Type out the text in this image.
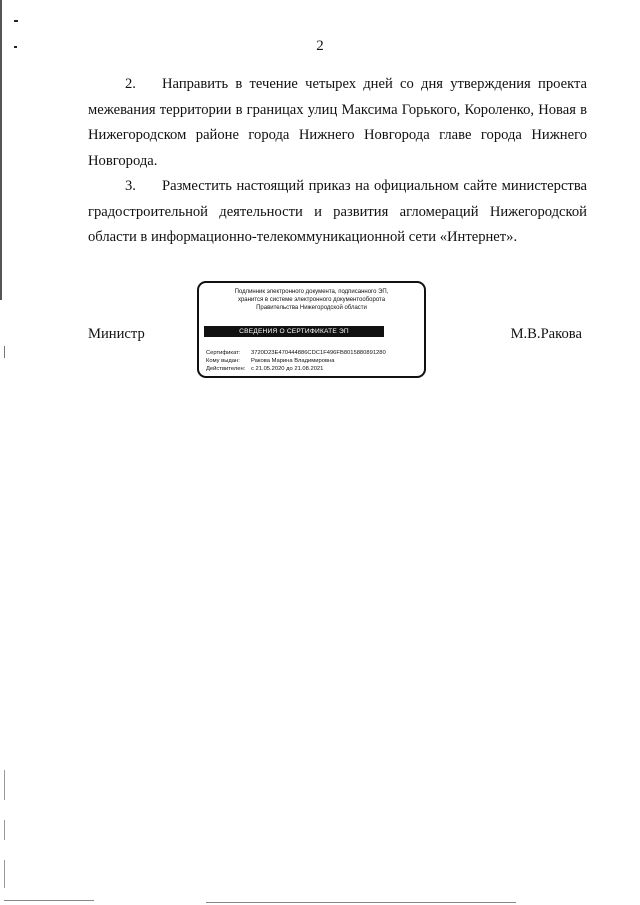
2

2. Направить в течение четырех дней со дня утверждения проекта межевания территории в границах улиц Максима Горького, Короленко, Новая в Нижегородском районе города Нижнего Новгорода главе города Нижнего Новгорода.

3. Разместить настоящий приказ на официальном сайте министерства градостроительной деятельности и развития агломераций Нижегородской области в информационно-телекоммуникационной сети «Интернет».

Министр
Подлинник электронного документа, подписанного ЭП,
хранится в системе электронного документооборота
Правительства Нижегородской области
СВЕДЕНИЯ О СЕРТИФИКАТЕ ЭП
Сертификат: 3720D23E470444886CDC1F496FB8015880891280
Кому выдан: Ракова Марина Владимировна
Действителен: с 21.05.2020 до 21.08.2021
М.В.Ракова
